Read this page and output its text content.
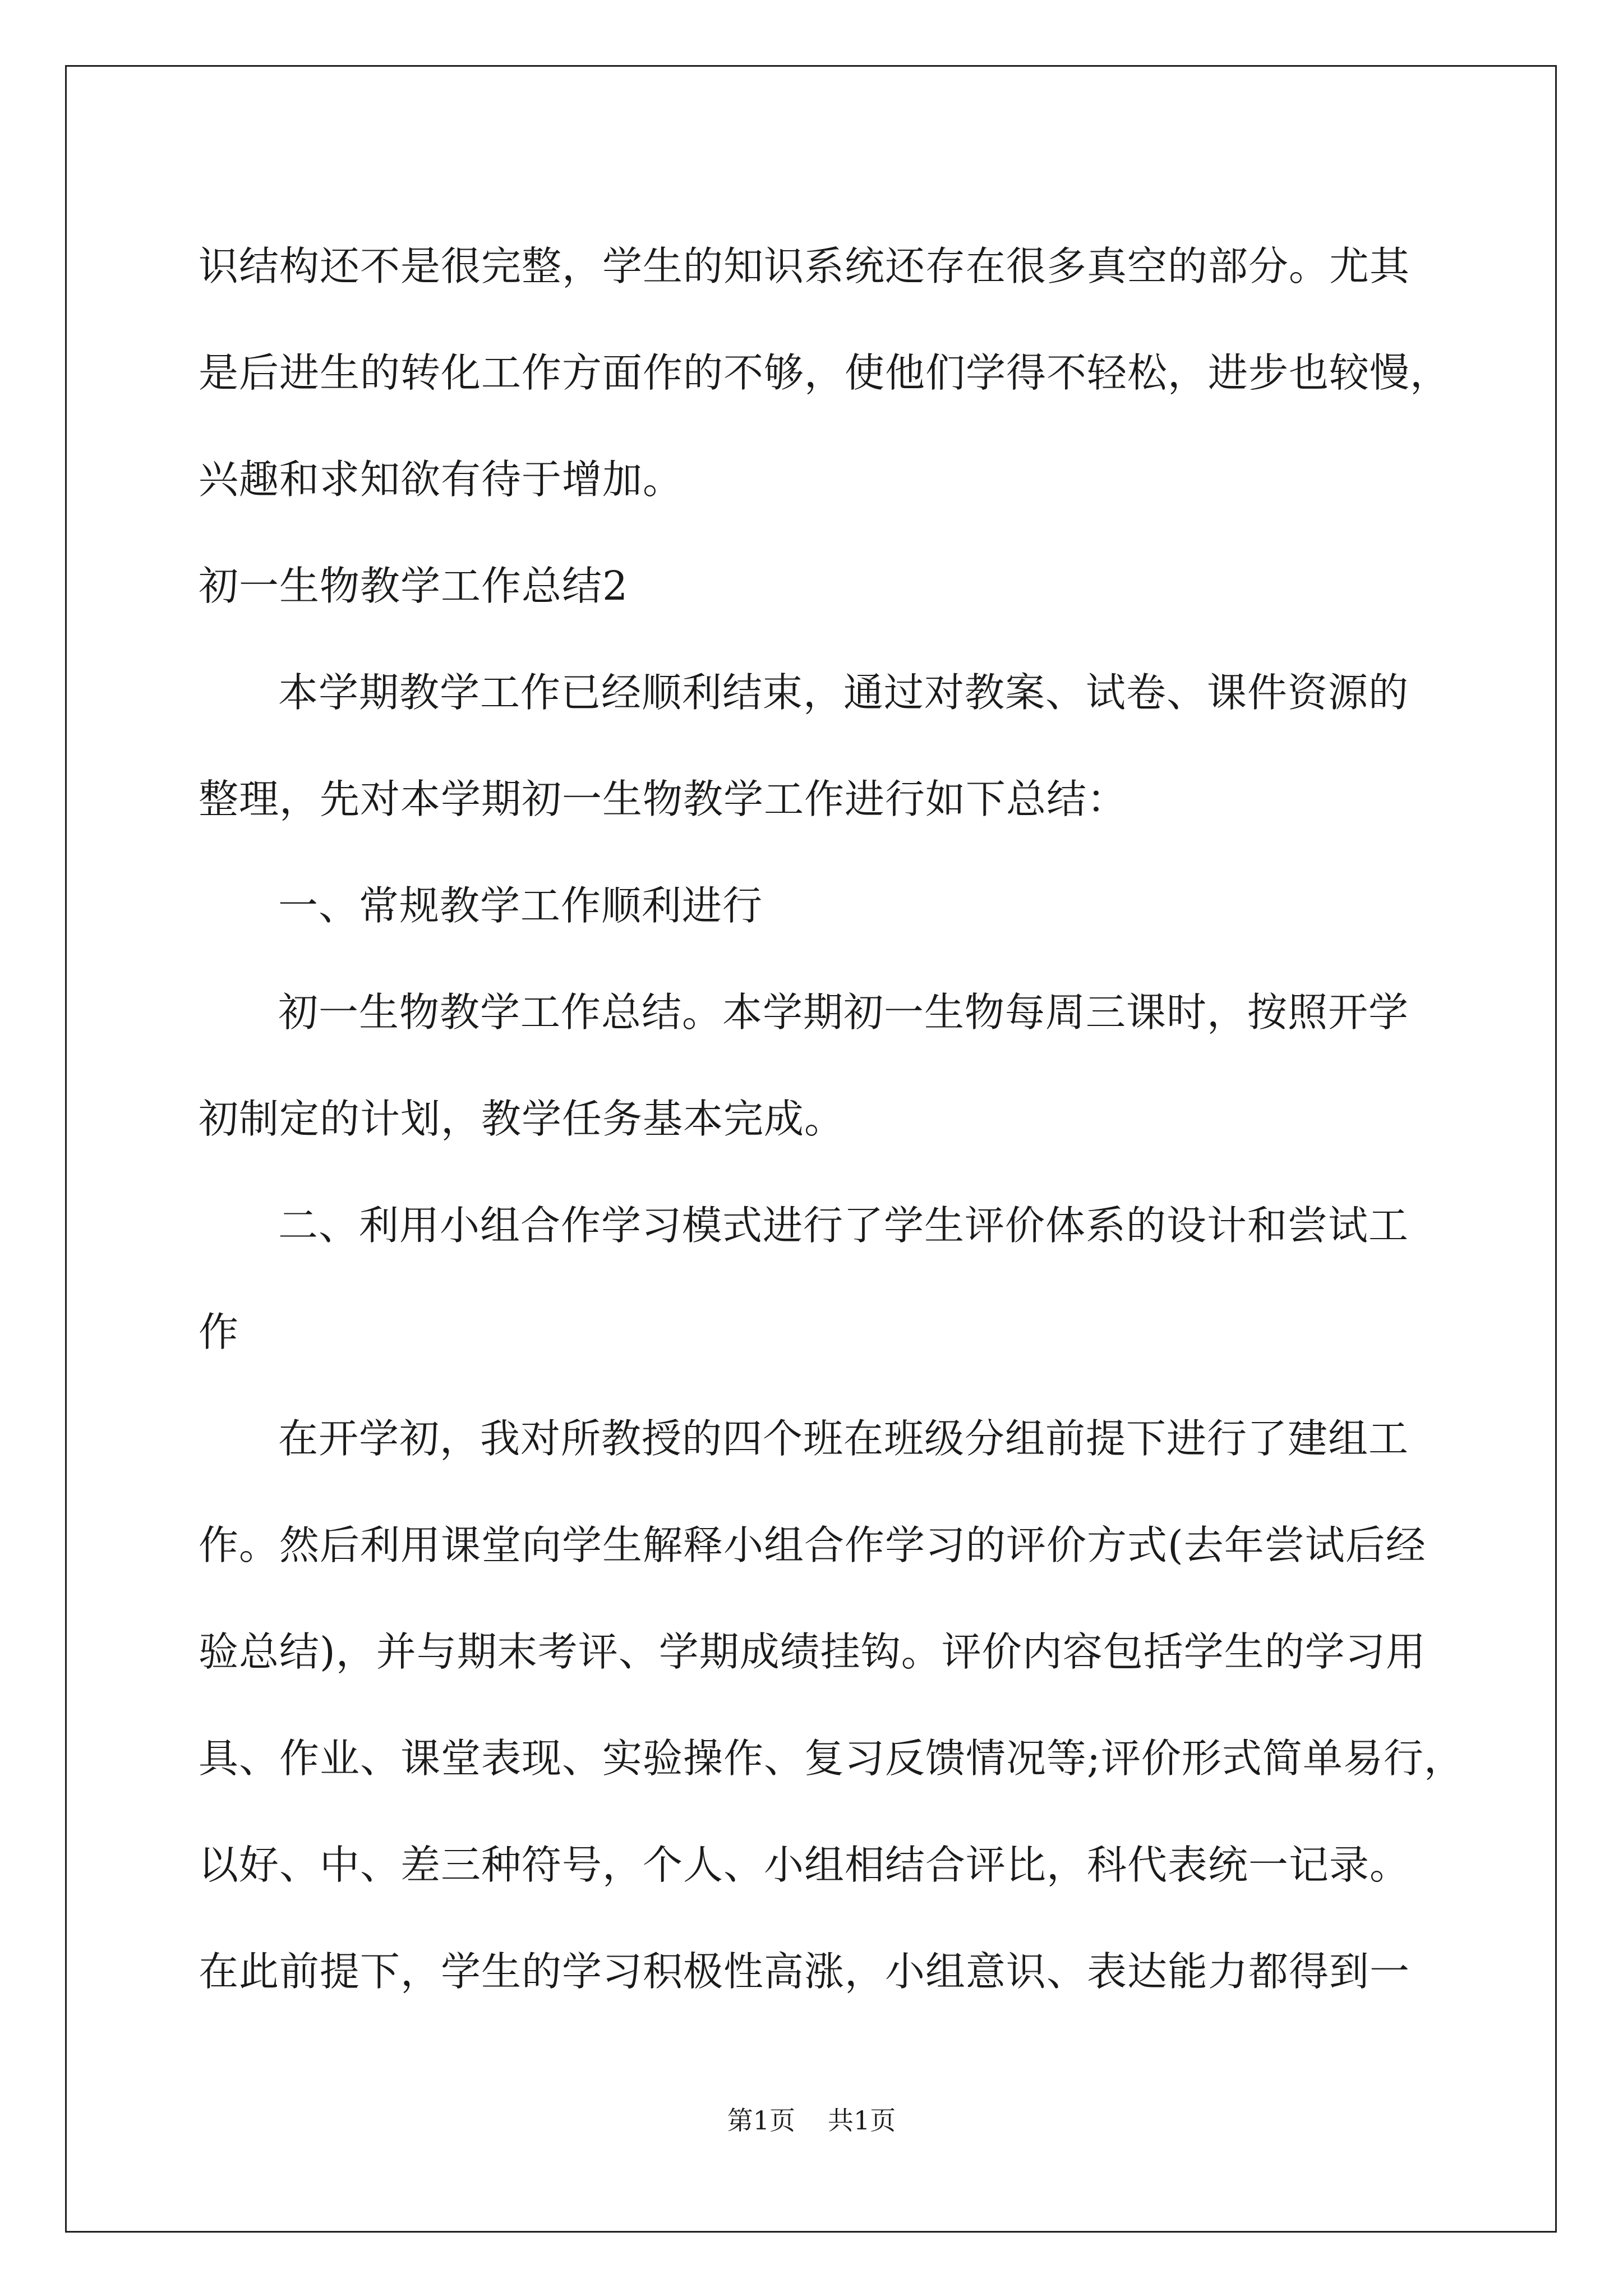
识结构还不是很完整，学生的知识系统还存在很多真空的部分。尤其
是后进生的转化工作方面作的不够，使他们学得不轻松，进步也较慢，
兴趣和求知欲有待于增加。
初一生物教学工作总结2
本学期教学工作已经顺利结束，通过对教案、试卷、课件资源的
整理，先对本学期初一生物教学工作进行如下总结：
一、常规教学工作顺利进行
初一生物教学工作总结。本学期初一生物每周三课时，按照开学
初制定的计划，教学任务基本完成。
二、利用小组合作学习模式进行了学生评价体系的设计和尝试工
作
在开学初，我对所教授的四个班在班级分组前提下进行了建组工
作。然后利用课堂向学生解释小组合作学习的评价方式(去年尝试后经
验总结)，并与期末考评、学期成绩挂钩。评价内容包括学生的学习用
具、作业、课堂表现、实验操作、复习反馈情况等;评价形式简单易行，
以好、中、差三种符号，个人、小组相结合评比，科代表统一记录。
在此前提下，学生的学习积极性高涨，小组意识、表达能力都得到一
第1页 共1页
